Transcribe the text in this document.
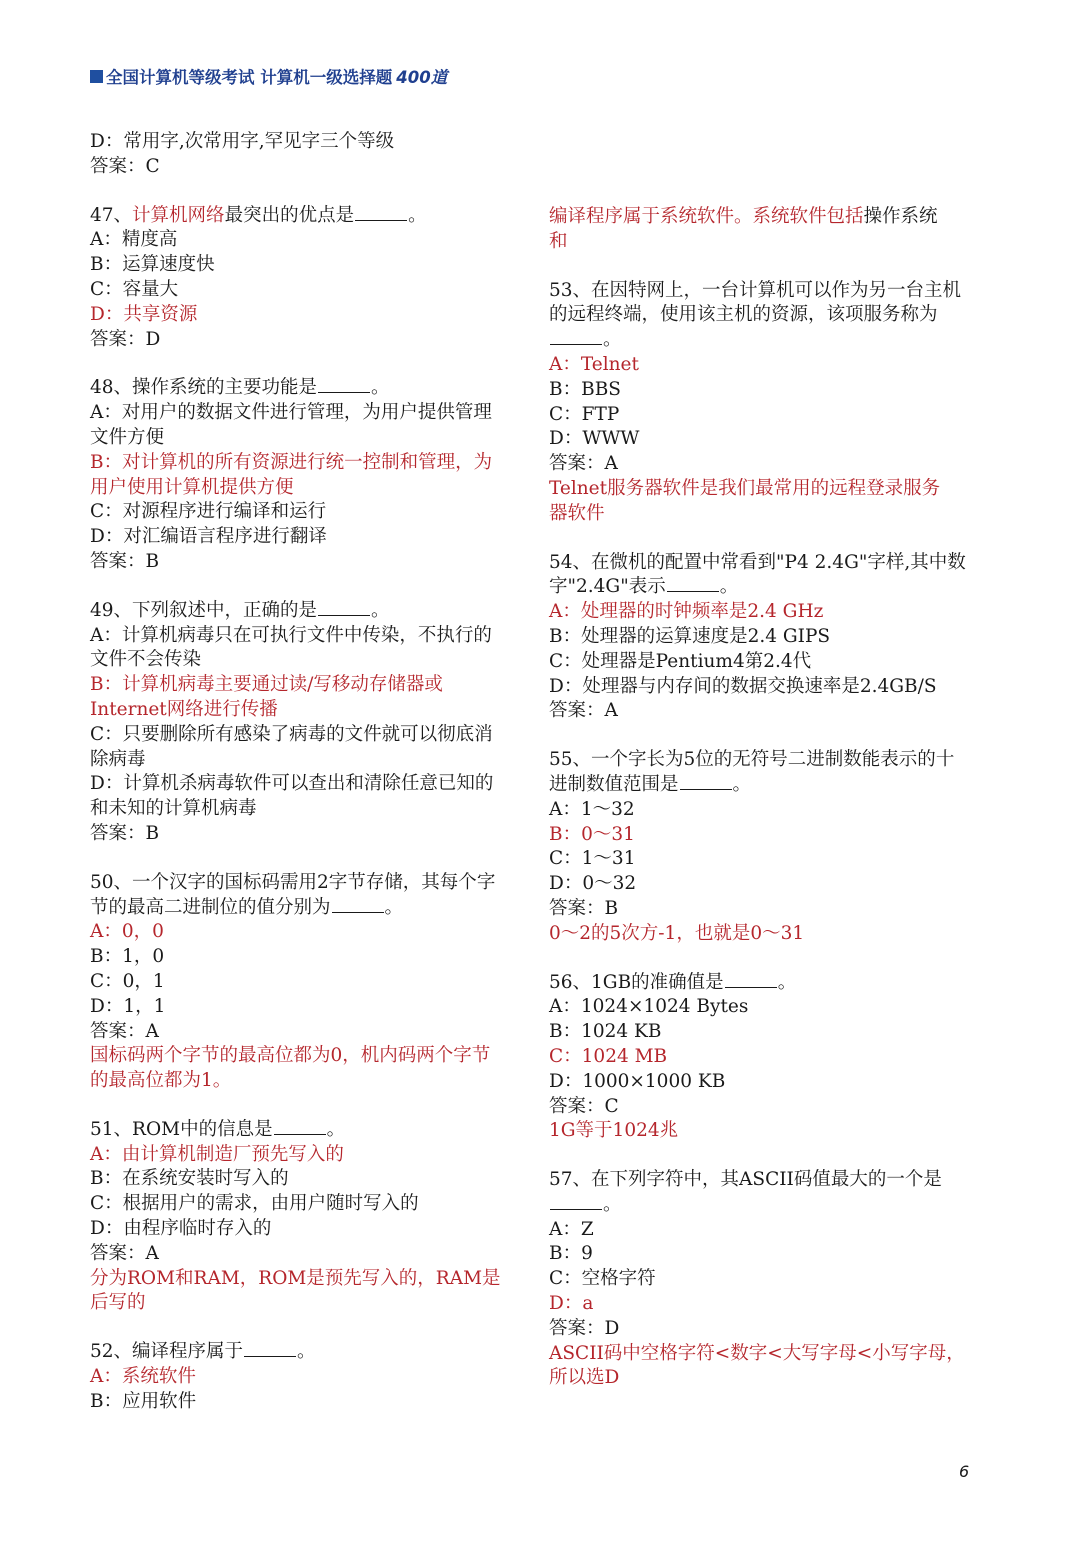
全国计算机等级考试 计算机一级选择题 400道
D：常用字,次常用字,罕见字三个等级
答案：C
47、计算机网络最突出的优点是	。
A：精度高
B：运算速度快
C：容量大
D：共享资源
答案：D
48、操作系统的主要功能是	。
A：对用户的数据文件进行管理，为用户提供管理
文件方便
B：对计算机的所有资源进行统一控制和管理，为
用户使用计算机提供方便
C：对源程序进行编译和运行
D：对汇编语言程序进行翻译
答案：B
49、下列叙述中，正确的是	。
A：计算机病毒只在可执行文件中传染，不执行的
文件不会传染
B：计算机病毒主要通过读/写移动存储器或
Internet网络进行传播
C：只要删除所有感染了病毒的文件就可以彻底消
除病毒
D：计算机杀病毒软件可以查出和清除任意已知的
和未知的计算机病毒
答案：B
50、一个汉字的国标码需用2字节存储，其每个字
节的最高二进制位的值分别为	。
A：0，0
B：1，0
C：0，1
D：1，1
答案：A
国标码两个字节的最高位都为0，机内码两个字节
的最高位都为1。
51、ROM中的信息是	。
A：由计算机制造厂预先写入的
B：在系统安装时写入的
C：根据用户的需求，由用户随时写入的
D：由程序临时存入的
答案：A
分为ROM和RAM，ROM是预先写入的，RAM是
后写的
52、编译程序属于	。
A：系统软件
B：应用软件
编译程序属于系统软件。系统软件包括操作系统
和
53、在因特网上，一台计算机可以作为另一台主机
的远程终端，使用该主机的资源，该项服务称为
。
A：Telnet
B：BBS
C：FTP
D：WWW
答案：A
Telnet服务器软件是我们最常用的远程登录服务
器软件
54、在微机的配置中常看到"P4 2.4G"字样,其中数
字"2.4G"表示	。
A：处理器的时钟频率是2.4 GHz
B：处理器的运算速度是2.4 GIPS
C：处理器是Pentium4第2.4代
D：处理器与内存间的数据交换速率是2.4GB/S
答案：A
55、一个字长为5位的无符号二进制数能表示的十
进制数值范围是	。
A：1～32
B：0～31
C：1～31
D：0～32
答案：B
0～2的5次方-1，也就是0～31
56、1GB的准确值是	。
A：1024×1024 Bytes
B：1024 KB
C：1024 MB
D：1000×1000 KB
答案：C
1G等于1024兆
57、在下列字符中，其ASCII码值最大的一个是
。
A：Z
B：9
C：空格字符
D：a
答案：D
ASCII码中空格字符<数字<大写字母<小写字母，
所以选D
6
